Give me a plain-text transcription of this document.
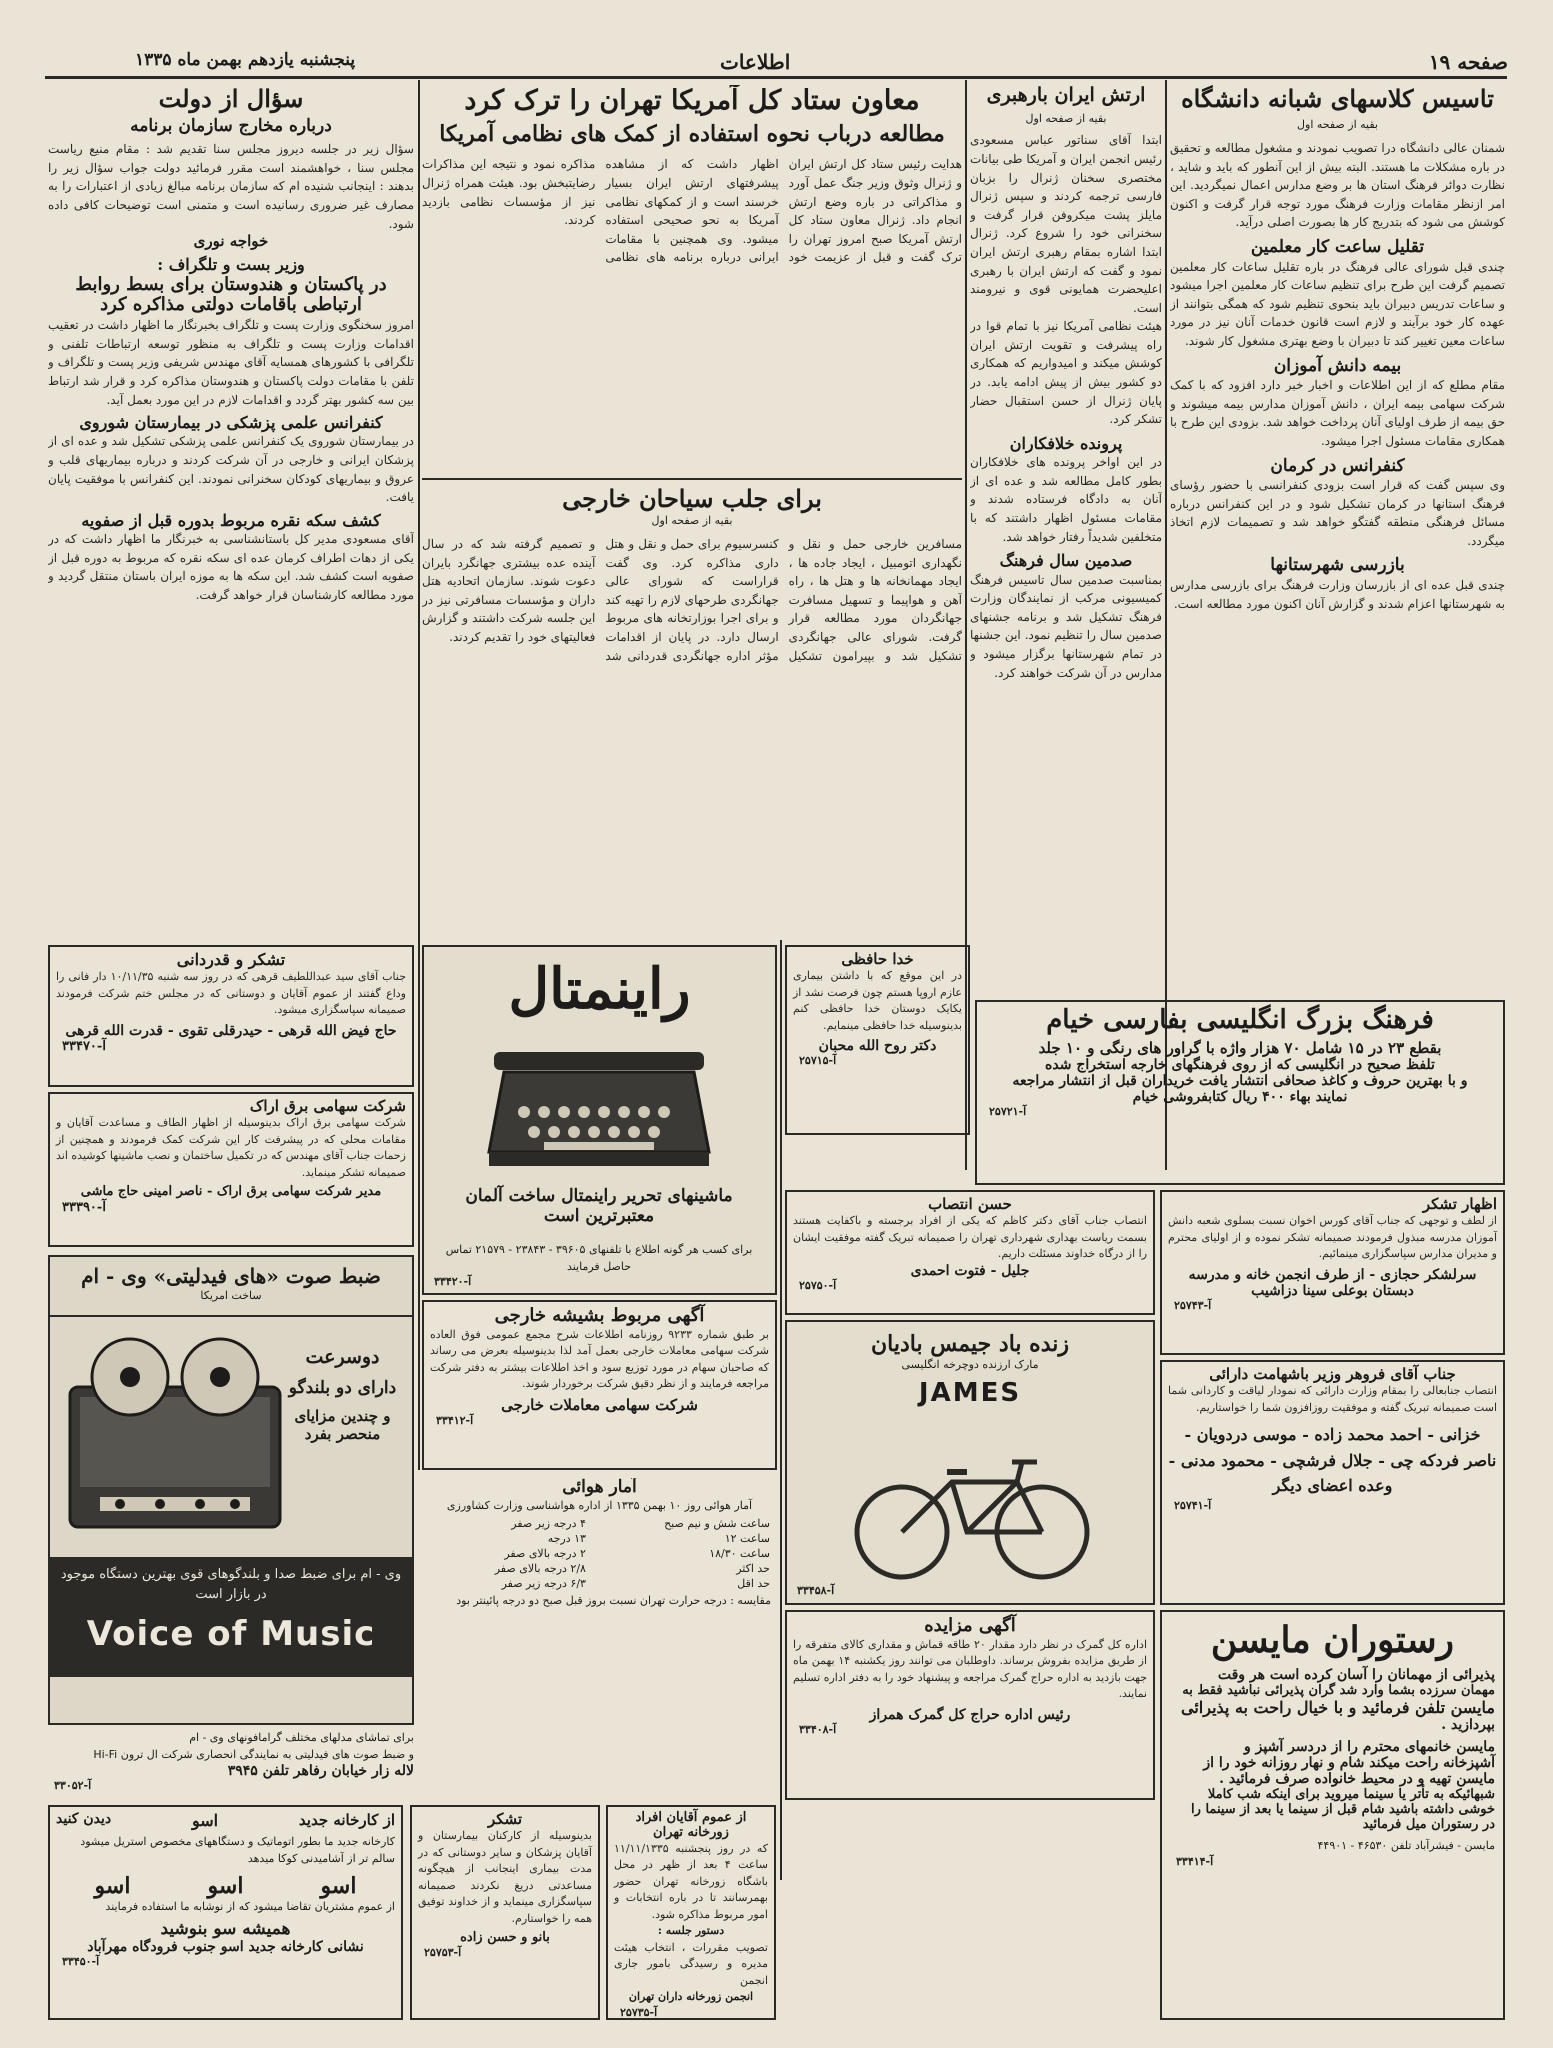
صفحه ۱۹
اطلاعات
پنجشنبه یازدهم بهمن ماه ۱۳۳۵
تاسیس کلاسهای شبانه دانشگاه
بقیه از صفحه اول
شمنان عالی دانشگاه درا تصویب نمودند و مشغول مطالعه و تحقیق در باره مشکلات ما هستند. البته بیش از این آنطور که باید و شاید ، نظارت دوائر فرهنگ استان ها بر وضع مدارس اعمال نمیگردید. این امر ازنظر مقامات وزارت فرهنگ مورد توجه قرار گرفت و اکنون کوشش می شود که بتدریج کار ها بصورت اصلی درآید.
تقلیل ساعت کار معلمین
چندی قبل شورای عالی فرهنگ در باره تقلیل ساعات کار معلمین تصمیم گرفت این طرح برای تنظیم ساعات کار معلمین اجرا میشود و ساعات تدریس دبیران باید بنحوی تنظیم شود که همگی بتوانند از عهده کار خود برآیند و لازم است قانون خدمات آنان نیز در مورد ساعات معین تغییر کند تا دبیران با وضع بهتری مشغول کار شوند.
بیمه دانش آموزان
مقام مطلع که از این اطلاعات و اخبار خبر دارد افزود که با کمک شرکت سهامی بیمه ایران ، دانش آموزان مدارس بیمه میشوند و حق بیمه از طرف اولیای آنان پرداخت خواهد شد. بزودی این طرح با همکاری مقامات مسئول اجرا میشود.
کنفرانس در کرمان
وی سپس گفت که قرار است بزودی کنفرانسی با حضور رؤسای فرهنگ استانها در کرمان تشکیل شود و در این کنفرانس درباره مسائل فرهنگی منطقه گفتگو خواهد شد و تصمیمات لازم اتخاذ میگردد.
بازرسی شهرستانها
چندی قبل عده ای از بازرسان وزارت فرهنگ برای بازرسی مدارس به شهرستانها اعزام شدند و گزارش آنان اکنون مورد مطالعه است.
ارتش ایران بارهبری
بقیه از صفحه اول
ابتدا آقای سناتور عباس مسعودی رئیس انجمن ایران و آمریکا طی بیانات مختصری سخنان ژنرال را بزبان فارسی ترجمه کردند و سپس ژنرال مایلز پشت میکروفن قرار گرفت و سخنرانی خود را شروع کرد. ژنرال ابتدا اشاره بمقام رهبری ارتش ایران نمود و گفت که ارتش ایران با رهبری اعلیحضرت همایونی قوی و نیرومند است.
هیئت نظامی آمریکا نیز با تمام قوا در راه پیشرفت و تقویت ارتش ایران کوشش میکند و امیدواریم که همکاری دو کشور بیش از پیش ادامه یابد. در پایان ژنرال از حسن استقبال حضار تشکر کرد.
پرونده خلافکاران
در این اواخر پرونده های خلافکاران بطور کامل مطالعه شد و عده ای از آنان به دادگاه فرستاده شدند و مقامات مسئول اظهار داشتند که با متخلفین شدیداً رفتار خواهد شد.
صدمین سال فرهنگ
بمناسبت صدمین سال تاسیس فرهنگ کمیسیونی مرکب از نمایندگان وزارت فرهنگ تشکیل شد و برنامه جشنهای صدمین سال را تنظیم نمود. این جشنها در تمام شهرستانها برگزار میشود و مدارس در آن شرکت خواهند کرد.
معاون ستاد کل آمریکا تهران را ترک کرد
مطالعه درباب نحوه استفاده از کمک های نظامی آمریکا
هدایت رئیس ستاد کل ارتش ایران و ژنرال وثوق وزیر جنگ عمل آورد و مذاکراتی در باره وضع ارتش انجام داد. ژنرال معاون ستاد کل ارتش آمریکا صبح امروز تهران را ترک گفت و قبل از عزیمت خود اظهار داشت که از مشاهده پیشرفتهای ارتش ایران بسیار خرسند است و از کمکهای نظامی آمریکا به نحو صحیحی استفاده میشود. وی همچنین با مقامات ایرانی درباره برنامه های نظامی مذاکره نمود و نتیجه این مذاکرات رضایتبخش بود. هیئت همراه ژنرال نیز از مؤسسات نظامی بازدید کردند.
برای جلب سیاحان خارجی
بقیه از صفحه اول
مسافرین خارجی حمل و نقل و نگهداری اتومبیل ، ایجاد جاده ها ، ایجاد مهمانخانه ها و هتل ها ، راه آهن و هواپیما و تسهیل مسافرت جهانگردان مورد مطالعه قرار گرفت. شورای عالی جهانگردی تشکیل شد و بپیرامون تشکیل کنسرسیوم برای حمل و نقل و هتل داری مذاکره کرد. وی گفت قراراست که شورای عالی جهانگردی طرحهای لازم را تهیه کند و برای اجرا بوزارتخانه های مربوط ارسال دارد. در پایان از اقدامات مؤثر اداره جهانگردی قدردانی شد و تصمیم گرفته شد که در سال آینده عده بیشتری جهانگرد بایران دعوت شوند. سازمان اتحادیه هتل داران و مؤسسات مسافرتی نیز در این جلسه شرکت داشتند و گزارش فعالیتهای خود را تقدیم کردند.
سؤال از دولت
درباره مخارج سازمان برنامه
سؤال زیر در جلسه دیروز مجلس سنا تقدیم شد : مقام منیع ریاست مجلس سنا ، خواهشمند است مقرر فرمائید دولت جواب سؤال زیر را بدهند : اینجانب شنیده ام که سازمان برنامه مبالغ زیادی از اعتبارات را به مصارف غیر ضروری رسانیده است و متمنی است توضیحات کافی داده شود.
خواجه نوری
وزیر بست و تلگراف :
در پاکستان و هندوستان برای بسط روابط ارتباطی باقامات دولتی مذاکره کرد
امروز سخنگوی وزارت پست و تلگراف بخبرنگار ما اظهار داشت در تعقیب اقدامات وزارت پست و تلگراف به منظور توسعه ارتباطات تلفنی و تلگرافی با کشورهای همسایه آقای مهندس شریفی وزیر پست و تلگراف و تلفن با مقامات دولت پاکستان و هندوستان مذاکره کرد و قرار شد ارتباط بین سه کشور بهتر گردد و اقدامات لازم در این مورد بعمل آید.
کنفرانس علمی پزشکی در بیمارستان شوروی
در بیمارستان شوروی یک کنفرانس علمی پزشکی تشکیل شد و عده ای از پزشکان ایرانی و خارجی در آن شرکت کردند و درباره بیماریهای قلب و عروق و بیماریهای کودکان سخنرانی نمودند. این کنفرانس با موفقیت پایان یافت.
کشف سکه نقره مربوط بدوره قبل از صفویه
آقای مسعودی مدیر کل باستانشناسی به خبرنگار ما اظهار داشت که در یکی از دهات اطراف کرمان عده ای سکه نقره که مربوط به دوره قبل از صفویه است کشف شد. این سکه ها به موزه ایران باستان منتقل گردید و مورد مطالعه کارشناسان قرار خواهد گرفت.
تشکر و قدردانی
جناب آقای سید عبداللطیف قرهی که در روز سه شنبه ۱۰/۱۱/۳۵ دار فانی را وداع گفتند از عموم آقایان و دوستانی که در مجلس ختم شرکت فرمودند صمیمانه سپاسگزاری میشود.
حاج فیض الله قرهی - حیدرقلی تقوی - قدرت الله قرهی
آ-۳۳۴۷۰
شرکت سهامی برق اراک
شرکت سهامی برق اراک بدینوسیله از اظهار الطاف و مساعدت آقایان و مقامات محلی که در پیشرفت کار این شرکت کمک فرمودند و همچنین از زحمات جناب آقای مهندس که در تکمیل ساختمان و نصب ماشینها کوشیده اند صمیمانه تشکر مینماید.
مدیر شرکت سهامی برق اراک - ناصر امینی حاج ماشی
آ-۳۳۳۹۰
ضبط صوت «های فیدلیتی» وی - ام
ساخت امریکا
دوسرعت
دارای دو بلندگو
و چندین مزایای منحصر بفرد
وی - ام برای ضبط صدا و بلندگوهای قوی بهترین دستگاه موجود در بازار است
Voice of Music
برای تماشای مدلهای مختلف گرامافونهای وی - ام
و ضبط صوت های فیدلیتی به نمایندگی انحصاری شرکت ال ترون Hi-Fi
لاله زار خیابان رفاهر تلفن ۳۹۴۵
آ-۳۳۰۵۲
راینمتال
ماشینهای تحریر راینمتال ساخت آلمان معتبرترین است
برای کسب هر گونه اطلاع با تلفنهای ۳۹۶۰۵ - ۲۳۸۴۳ - ۲۱۵۷۹ تماس حاصل فرمایند
آ-۳۳۴۲۰
آگهی مربوط بشیشه خارجی
بر طبق شماره ۹۲۳۳ روزنامه اطلاعات شرح مجمع عمومی فوق العاده شرکت سهامی معاملات خارجی بعمل آمد لذا بدینوسیله بعرض می رساند که صاحبان سهام در مورد توزیع سود و اخذ اطلاعات بیشتر به دفتر شرکت مراجعه فرمایند و از نظر دقیق شرکت برخوردار شوند.
شرکت سهامی معاملات خارجی
آ-۳۳۴۱۲
آمار هوائی
آمار هوائی روز ۱۰ بهمن ۱۳۳۵ از اداره هواشناسی وزارت کشاورزی
ساعت شش و نیم صبح	۴ درجه زیر صفر
ساعت ۱۲	۱۳ درجه
ساعت ۱۸/۳۰	۲ درجه بالای صفر
حد اکثر	۲/۸ درجه بالای صفر
حد اقل	۶/۳ درجه زیر صفر
مقایسه : درجه حرارت تهران نسبت بروز قبل صبح دو درجه پائینتر بود
از کارخانه جدید
اسو
دیدن کنید
کارخانه جدید ما بطور اتوماتیک و دستگاههای مخصوص استریل میشود
سالم تر از آشامیدنی کوکا میدهد
اسو
اسو
اسو
از عموم مشتریان تقاضا میشود که از نوشابه ما استفاده فرمایند
همیشه سو بنوشید
نشانی کارخانه جدید اسو جنوب فرودگاه مهرآباد
آ-۳۳۴۵۰
تشکر
بدینوسیله از کارکنان بیمارستان و آقایان پزشکان و سایر دوستانی که در مدت بیماری اینجانب از هیچگونه مساعدتی دریغ نکردند صمیمانه سپاسگزاری مینماید و از خداوند توفیق همه را خواستارم.
بانو و حسن زاده
آ-۲۵۷۵۳
از عموم آقایان افراد زورخانه تهران
که در روز پنجشنبه ۱۱/۱۱/۱۳۳۵ ساعت ۴ بعد از ظهر در محل باشگاه زورخانه تهران حضور بهمرسانند تا در باره انتخابات و امور مربوط مذاکره شود.
دستور جلسه :
تصویب مقررات ، انتخاب هیئت مدیره و رسیدگی بامور جاری انجمن
انجمن زورخانه داران تهران
آ-۲۵۷۳۵
خدا حافظی
در این موقع که با داشتن بیماری عازم اروپا هستم چون فرصت نشد از یکایک دوستان خدا حافظی کنم بدینوسیله خدا حافظی مینمایم.
دکتر روح الله محبان
آ-۲۵۷۱۵
فرهنگ بزرگ انگلیسی بفارسی خیام
بقطع ۲۳ در ۱۵ شامل ۷۰ هزار واژه با گراور های رنگی و ۱۰ جلد
تلفظ صحیح در انگلیسی که از روی فرهنگهای خارجه استخراج شده
و با بهترین حروف و کاغذ صحافی انتشار یافت خریداران قبل از انتشار مراجعه
نمایند بهاء ۴۰۰ ریال کتابفروشی خیام
آ-۲۵۷۲۱
حسن انتصاب
انتصاب جناب آقای دکتر کاظم که یکی از افراد برجسته و باکفایت هستند بسمت ریاست بهداری شهرداری تهران را صمیمانه تبریک گفته موفقیت ایشان را از درگاه خداوند مسئلت داریم.
جلیل - فتوت احمدی
آ-۲۵۷۵۰
اظهار تشکر
از لطف و توجهی که جناب آقای کورس اخوان نسبت بسلوی شعبه دانش آموزان مدرسه مبذول فرمودند صمیمانه تشکر نموده و از اولیای محترم و مدیران مدارس سپاسگزاری مینمائیم.
سرلشکر حجازی - از طرف انجمن خانه و مدرسه دبستان بوعلی سینا دزاشیب
آ-۲۵۷۴۳
زنده باد جیمس بادیان
مارک ارزنده دوچرخه انگلیسی
JAMES
آ-۳۳۴۵۸
جناب آقای فروهر وزیر باشهامت دارائی
انتصاب جنابعالی را بمقام وزارت دارائی که نمودار لیاقت و کاردانی شما است صمیمانه تبریک گفته و موفقیت روزافزون شما را خواستاریم.
خزانی - احمد محمد زاده - موسی دردویان - ناصر فردکه چی - جلال فرشچی - محمود مدنی - وعده اعضای دیگر
آ-۲۵۷۴۱
آگهی مزایده
اداره کل گمرک در نظر دارد مقدار ۲۰ طاقه قماش و مقداری کالای متفرقه را از طریق مزایده بفروش برساند. داوطلبان می توانند روز یکشنبه ۱۴ بهمن ماه جهت بازدید به اداره حراج گمرک مراجعه و پیشنهاد خود را به دفتر اداره تسلیم نمایند.
رئیس اداره حراج کل گمرک همراز
آ-۳۳۴۰۸
رستوران مایسن
پذیرائی از مهمانان را آسان کرده است هر وقت
مهمان سرزده بشما وارد شد گران پذیرائی نباشید فقط به
مایسن تلفن فرمائید و با خیال راحت به پذیرائی
بپردازید .
مایسن خانمهای محترم را از دردسر آشپز و
آشپزخانه راحت میکند شام و نهار روزانه خود را از
مایسن تهیه و در محیط خانواده صرف فرمائید .
شبهائیکه به تأتر یا سینما میروید برای اینکه شب کاملا
خوشی داشته باشید شام قبل از سینما یا بعد از سینما را
در رستوران میل فرمائید
مایسن - فیشرآباد تلفن ۴۶۵۳۰ - ۴۴۹۰۱
آ-۳۳۴۱۴
